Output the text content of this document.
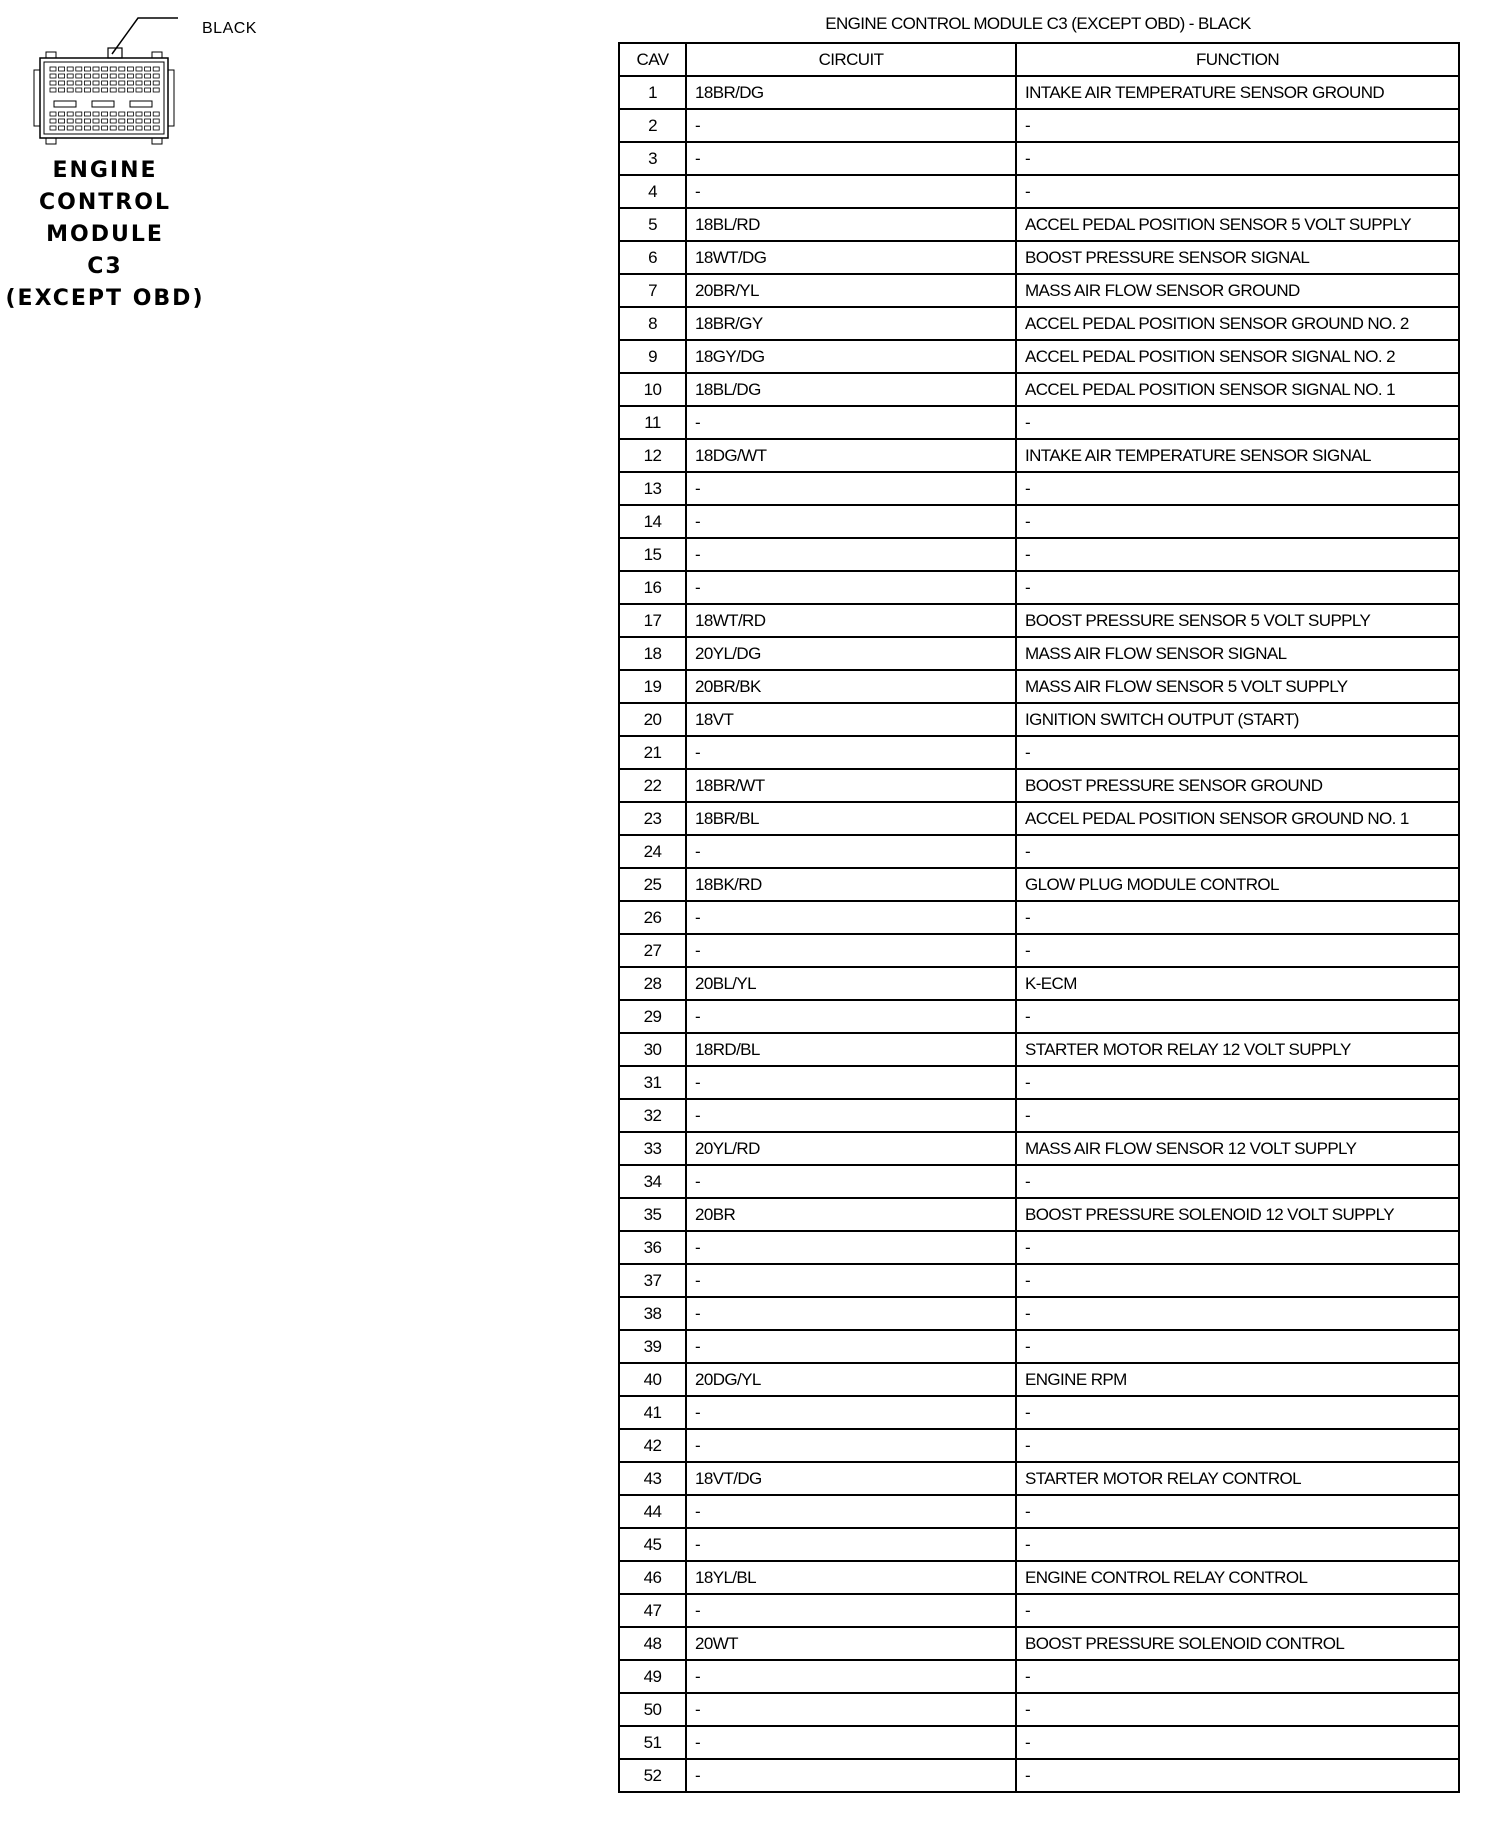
BLACK
ENGINE
CONTROL
MODULE
C3
(EXCEPT OBD)
ENGINE CONTROL MODULE C3 (EXCEPT OBD) - BLACK
CAV	CIRCUIT	FUNCTION
1	18BR/DG	INTAKE AIR TEMPERATURE SENSOR GROUND
2	-	-
3	-	-
4	-	-
5	18BL/RD	ACCEL PEDAL POSITION SENSOR 5 VOLT SUPPLY
6	18WT/DG	BOOST PRESSURE SENSOR SIGNAL
7	20BR/YL	MASS AIR FLOW SENSOR GROUND
8	18BR/GY	ACCEL PEDAL POSITION SENSOR GROUND NO. 2
9	18GY/DG	ACCEL PEDAL POSITION SENSOR SIGNAL NO. 2
10	18BL/DG	ACCEL PEDAL POSITION SENSOR SIGNAL NO. 1
11	-	-
12	18DG/WT	INTAKE AIR TEMPERATURE SENSOR SIGNAL
13	-	-
14	-	-
15	-	-
16	-	-
17	18WT/RD	BOOST PRESSURE SENSOR 5 VOLT SUPPLY
18	20YL/DG	MASS AIR FLOW SENSOR SIGNAL
19	20BR/BK	MASS AIR FLOW SENSOR 5 VOLT SUPPLY
20	18VT	IGNITION SWITCH OUTPUT (START)
21	-	-
22	18BR/WT	BOOST PRESSURE SENSOR GROUND
23	18BR/BL	ACCEL PEDAL POSITION SENSOR GROUND NO. 1
24	-	-
25	18BK/RD	GLOW PLUG MODULE CONTROL
26	-	-
27	-	-
28	20BL/YL	K-ECM
29	-	-
30	18RD/BL	STARTER MOTOR RELAY 12 VOLT SUPPLY
31	-	-
32	-	-
33	20YL/RD	MASS AIR FLOW SENSOR 12 VOLT SUPPLY
34	-	-
35	20BR	BOOST PRESSURE SOLENOID 12 VOLT SUPPLY
36	-	-
37	-	-
38	-	-
39	-	-
40	20DG/YL	ENGINE RPM
41	-	-
42	-	-
43	18VT/DG	STARTER MOTOR RELAY CONTROL
44	-	-
45	-	-
46	18YL/BL	ENGINE CONTROL RELAY CONTROL
47	-	-
48	20WT	BOOST PRESSURE SOLENOID CONTROL
49	-	-
50	-	-
51	-	-
52	-	-
